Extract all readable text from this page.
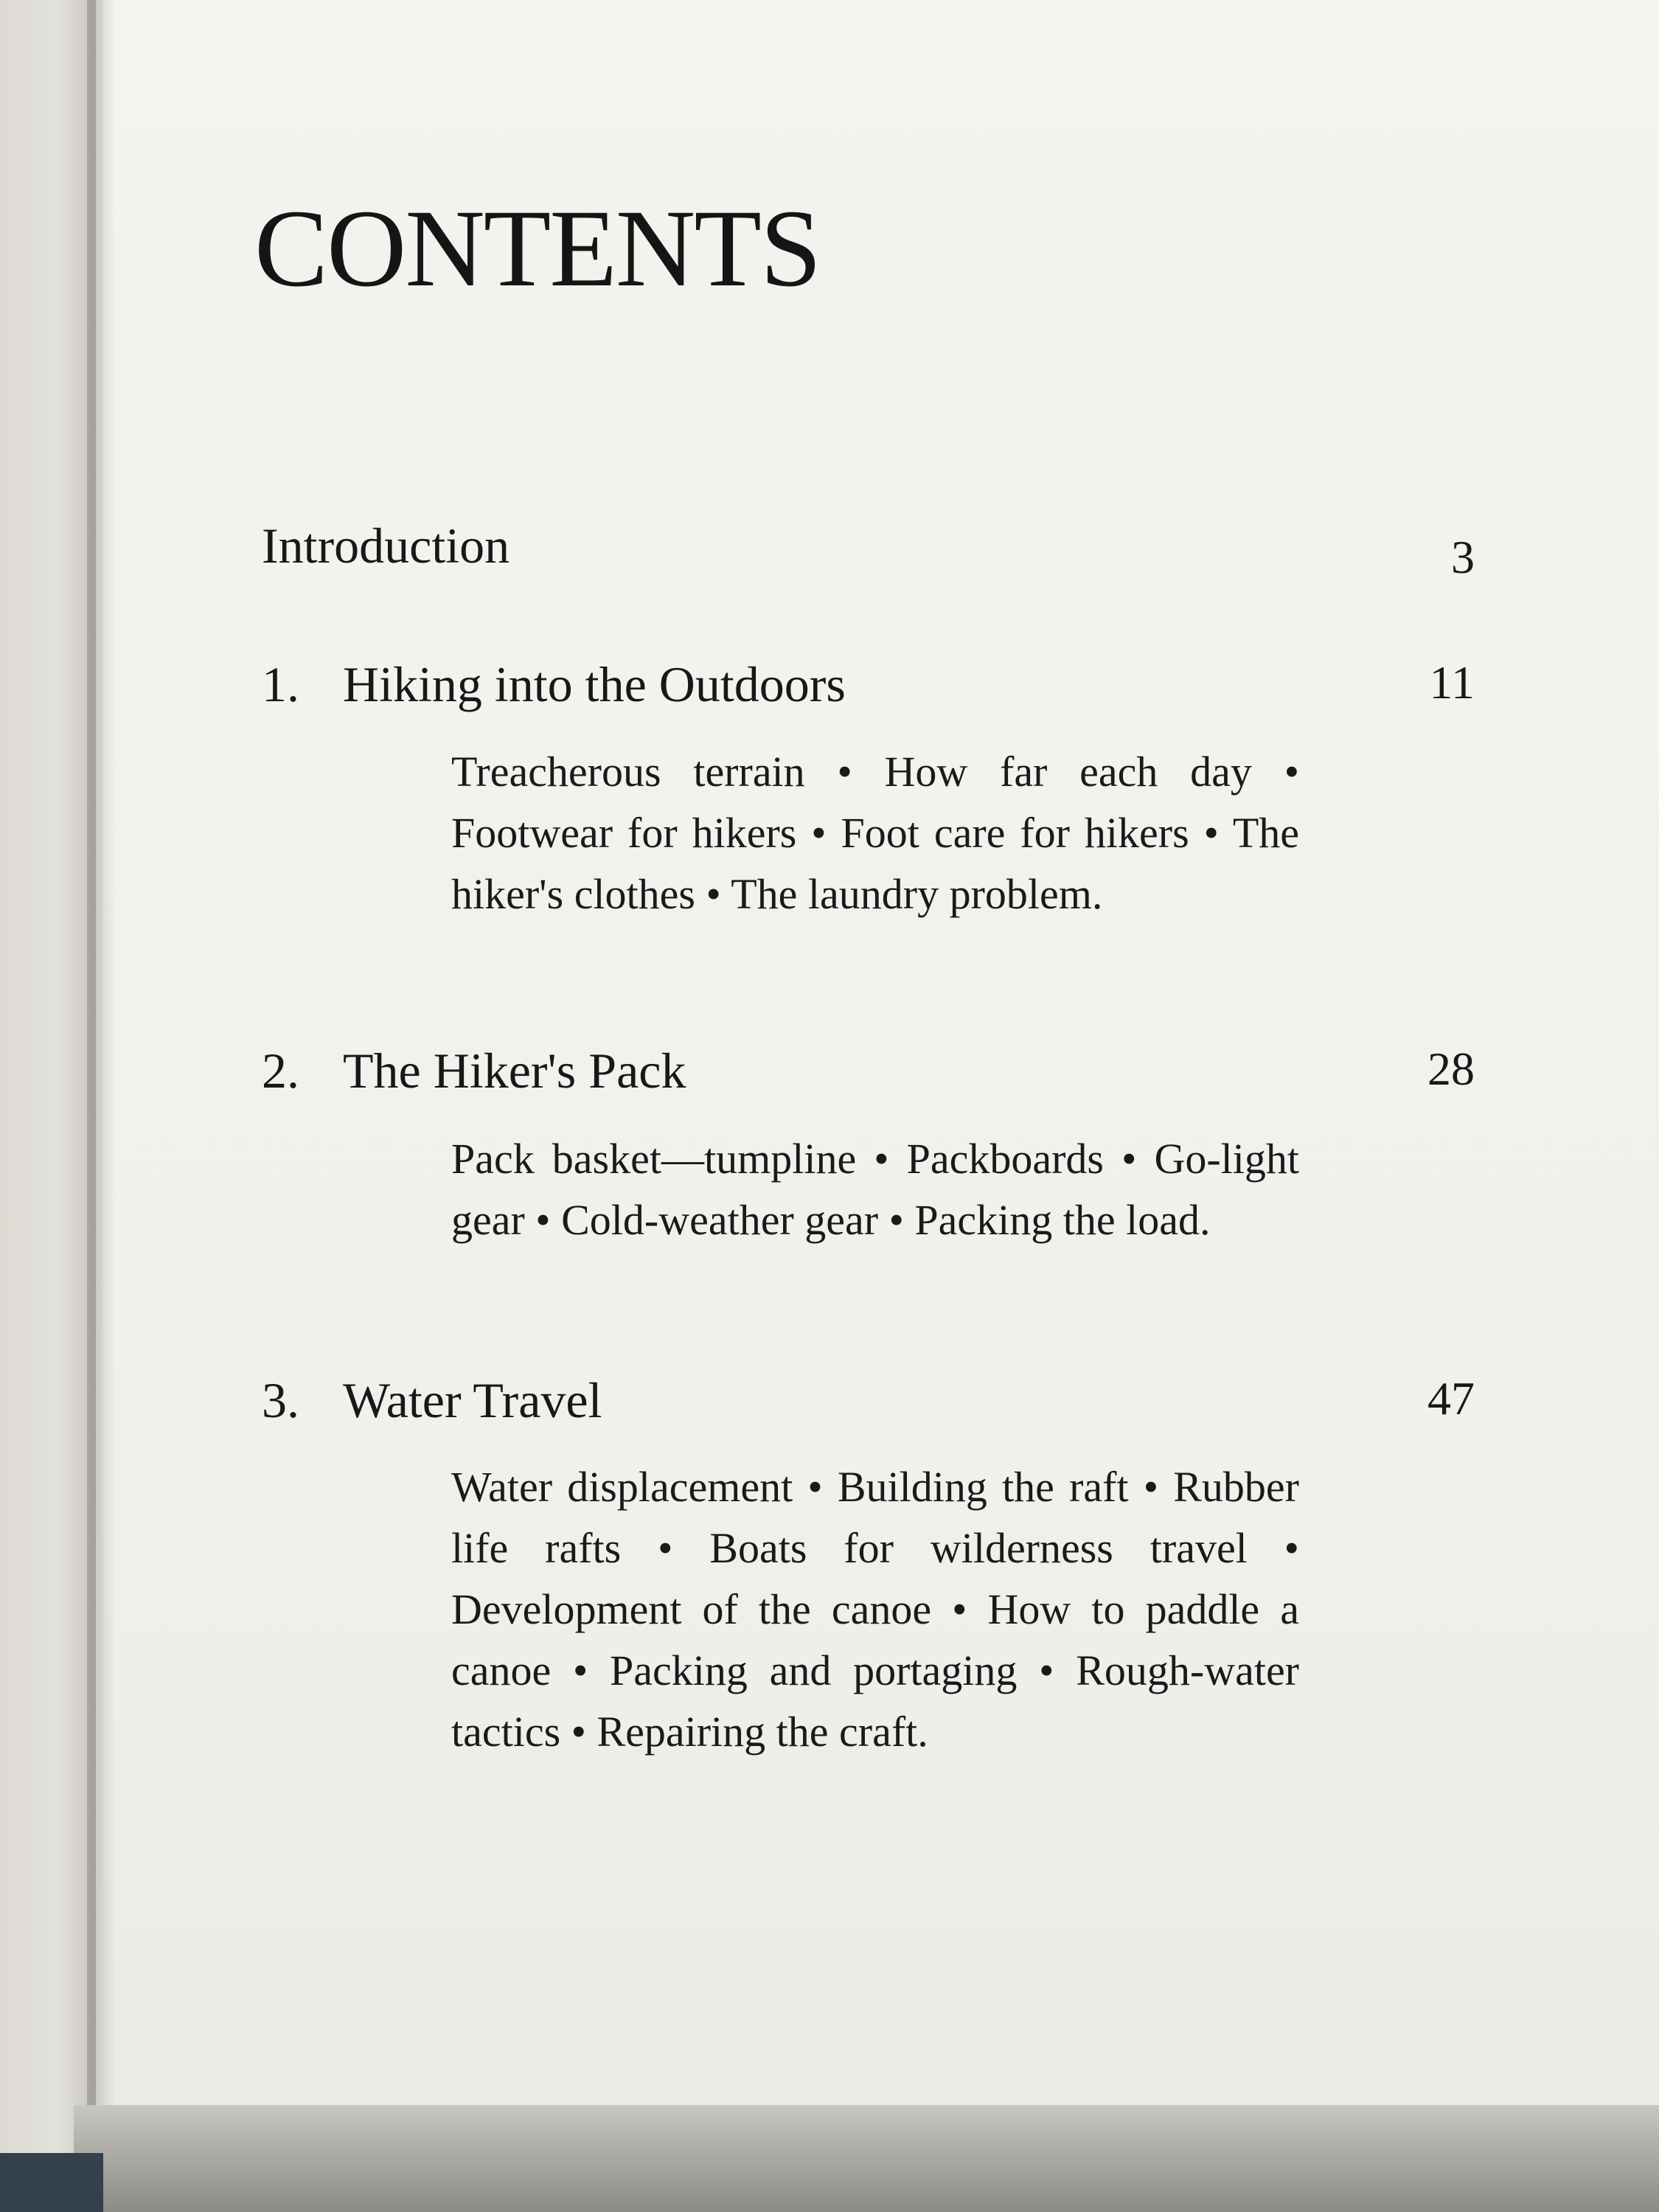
CONTENTS
Introduction	3
1. Hiking into the Outdoors	11

Treacherous terrain • How far each day • Footwear for hikers • Foot care for hikers • The hiker's clothes • The laundry problem.

2. The Hiker's Pack	28

Pack basket—tumpline • Packboards • Go-light gear • Cold-weather gear • Packing the load.

3. Water Travel	47

Water displacement • Building the raft • Rubber life rafts • Boats for wilderness travel • Development of the canoe • How to paddle a canoe • Packing and portaging • Rough-water tactics • Repairing the craft.
